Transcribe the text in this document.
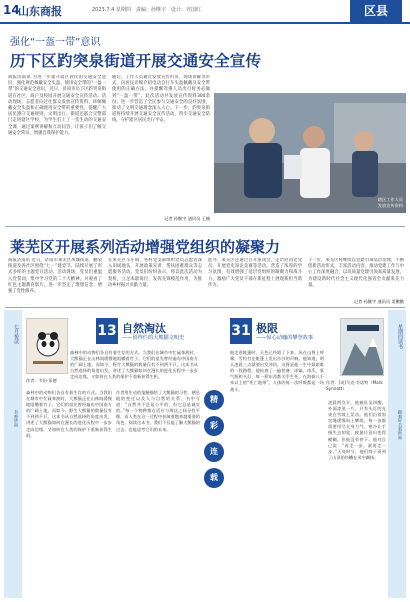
14
山东商报	2023.7.4 星期四　责编：孙继宇　设计：齐国红	区县
强化“一盔一带”意识
历下区趵突泉街道开展交通安全宣传
商报济南讯 为进一步提升辖区居民的交通安全意识，强化规范佩戴安全头盔、使用安全带的“一盔一带”的交通安全意识，近日，济南市历下区趵突泉街道在社区、商户及校园开展交通安全宣传活动。活动现场，志愿者向过往群众发放宣传资料，讲解佩戴安全头盔和正确使用安全带的重要性，提醒广大居民遵守交通规则，文明出行。街道还联合交警部门走进辖区学校，为学生们上了一堂生动的交通安全课，通过案例讲解和互动问答，让孩子们了解交通安全常识，增强自我保护能力。
随后，工作人员通过发放宣传折页、现场讲解等形式，向居民详细介绍电动自行车头盔佩戴及安全带使用的正确方法，并提醒驾乘人员出行时务必做到“一盔一带”。此次活动共发放宣传资料300余份，进一步营造了全民参与交通安全的良好氛围，推动了文明交通理念深入人心。下一步，趵突泉街道将持续开展交通安全宣传活动，筑牢交通安全防线，守护辖区居民出行平安。
记者 孙继宇 通讯员 王楠
辖区工作人员
发放宣传资料
莱芜区开展系列活动增强党组织的凝聚力
商报济南讯 近日，济南市莱芜区凤城街道、鹏泉街道及各社区围绕“七一”建党节，陆续开展了形式多样的主题党日活动。活动现场，党员们重温入党誓词，集中学习党的二十大精神，并观看了红色主题教育影片，进一步坚定了理想信念，增强了党性修养。
在莱芜区辛庄镇，各村党支部组织党员志愿者深入田间地头，开展政策宣讲、帮扶困难群众等志愿服务活动。党员们纷纷表示，将以此次活动为契机，立足本职岗位，发挥先锋模范作用，为推动乡村振兴贡献力量。
此外，莱芜区还通过召开座谈会、走访慰问老党员、开展党史知识竞赛等活动，营造了浓厚的学习氛围，有效增强了基层党组织的凝聚力和战斗力，激励广大党员干部在新征程上展现新担当新作为。
下一步，莱芜区将继续以党建引领基层治理，不断创新活动形式，丰富活动内容，推动党建工作与中心工作深度融合，以高质量党建引领高质量发展，为建设新时代社会主义现代化强省会贡献莱芜力量。
记者 孙继宇 通讯员 姜鹏鹏
七月悦读
书香济南
星期四读书
跟着好书看世界
作者：韦伯·莱德
13 自然淘汰
——留得烂的大熊猫文明史
森林中的动物们各自有着生存的方式。当我们在城市中忙碌奔波时，大熊猫正在山林间缓慢地咀嚼着竹子。它们的祖先曾经遍布中国南方的广阔土地，而如今，野生大熊猫的数量仅有不到两千只。这本书从自然选择的角度出发，讲述了大熊猫如何在漫长的进化历程中一步步走向边缘，又如何在人类的保护下重新获得生机。
森林中的动物们各自有着生存的方式。当我们在城市中忙碌奔波时，大熊猫正在山林间缓慢地咀嚼着竹子。它们的祖先曾经遍布中国南方的广阔土地，而如今，野生大熊猫的数量仅有不到两千只。这本书从自然选择的角度出发，讲述了大熊猫如何在漫长的进化历程中一步步走向边缘，又如何在人类的保护下重新获得生机。
作者用生动的笔触描绘了大熊猫的习性、栖息地的变迁以及人与自然的关系。书中写道：“自然并不总是公平的，但它总是诚实的。”每一个物种都在适应与淘汰之间寻找平衡，而人类在这一过程中扮演着越来越重要的角色。阅读这本书，我们不仅能了解大熊猫的过去，也能思考它们的未来。
精
彩
连
载
31 极限
——惊心动魄的攀登故事
作者：[英]马克·辛诺特（Mark Synnott）
他走进帐篷时，天色已经暗了下来。风在山脊上呼啸，雪粒打在帐篷上发出沙沙的声响。他知道，明天凌晨三点就要出发冲顶，这将是他一生中最艰难的一段路程。他检查了一遍装备：冰镐、冰爪、氧气瓶和头灯。每一样东西都关乎生死。在海拔八千米以上的“死亡地带”，人体的每一次呼吸都是一场战斗。
凌晨两点半，他被队友叫醒。外面漆黑一片，只有头灯的光束在雪坡上晃动。他们沿着固定绳缓慢向上攀爬，每一步都需要用尽全身力气。寒冷让手指失去知觉，疲惫让意识变得模糊，但他没有停下。他对自己说：“再走一步，就再走一步。”天亮时分，他们终于看到了山顶的经幡在风中飘扬。
